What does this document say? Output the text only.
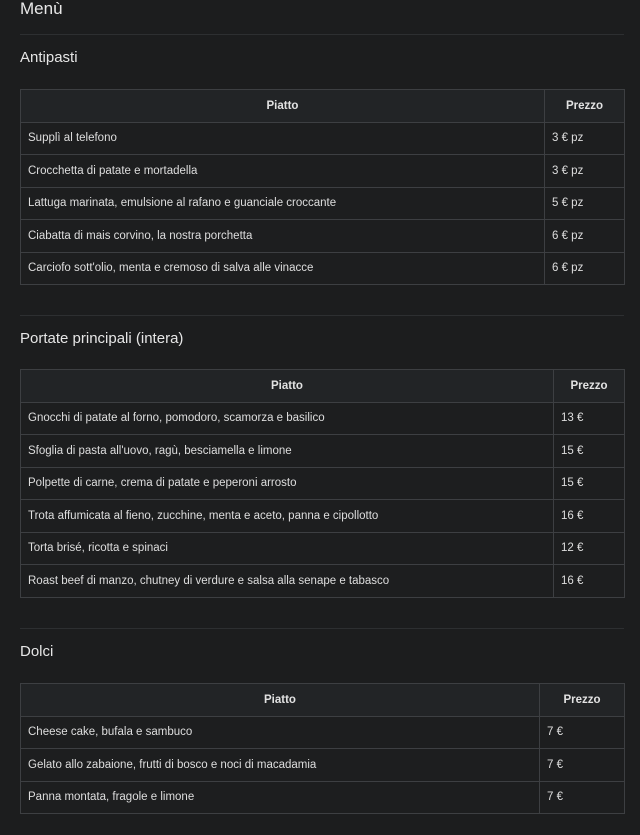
Menù
Antipasti
Piatto	Prezzo
Supplì al telefono	3 € pz
Crocchetta di patate e mortadella	3 € pz
Lattuga marinata, emulsione al rafano e guanciale croccante	5 € pz
Ciabatta di mais corvino, la nostra porchetta	6 € pz
Carciofo sott'olio, menta e cremoso di salva alle vinacce	6 € pz
Portate principali (intera)
Piatto	Prezzo
Gnocchi di patate al forno, pomodoro, scamorza e basilico	13 €
Sfoglia di pasta all'uovo, ragù, besciamella e limone	15 €
Polpette di carne, crema di patate e peperoni arrosto	15 €
Trota affumicata al fieno, zucchine, menta e aceto, panna e cipollotto	16 €
Torta brisé, ricotta e spinaci	12 €
Roast beef di manzo, chutney di verdure e salsa alla senape e tabasco	16 €
Dolci
Piatto	Prezzo
Cheese cake, bufala e sambuco	7 €
Gelato allo zabaione, frutti di bosco e noci di macadamia	7 €
Panna montata, fragole e limone	7 €
